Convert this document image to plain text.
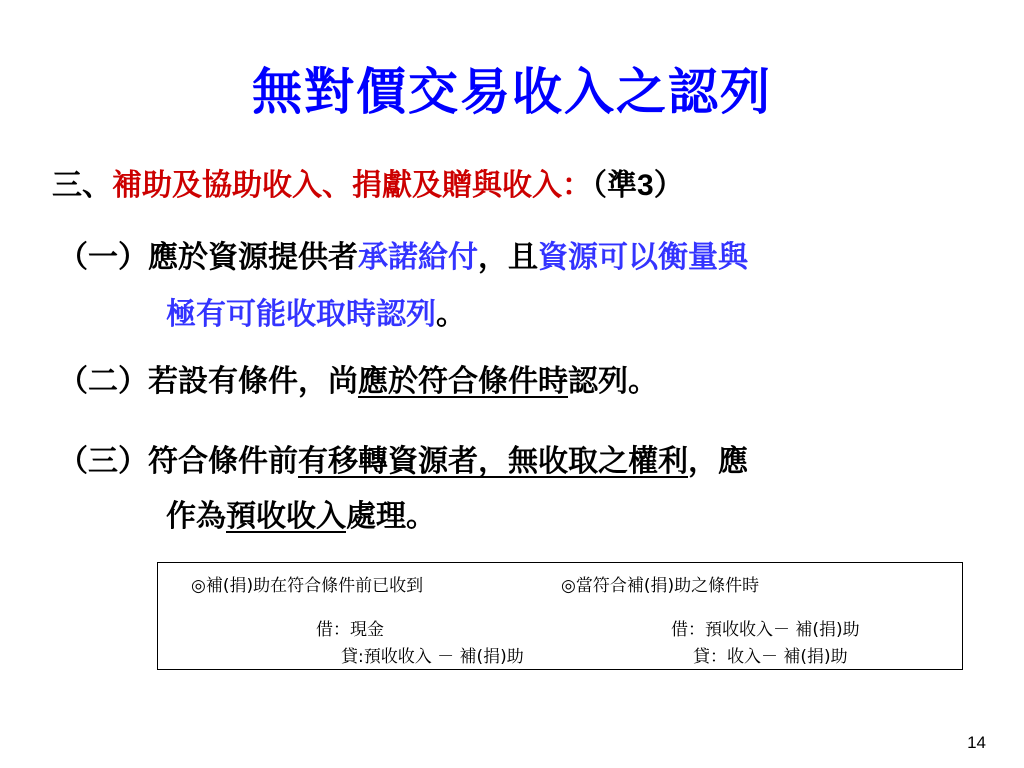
無對價交易收入之認列
三、補助及協助收入、捐獻及贈與收入：（準3）
（一）應於資源提供者承諾給付，且資源可以衡量與
極有可能收取時認列。
（二）若設有條件，尚應於符合條件時認列。
（三）符合條件前有移轉資源者，無收取之權利，應
作為預收收入處理。
◎補(捐)助在符合條件前已收到	◎當符合補(捐)助之條件時
借：現金
貸:預收收入 － 補(捐)助
借：預收收入－ 補(捐)助
貸：收入－ 補(捐)助
14
